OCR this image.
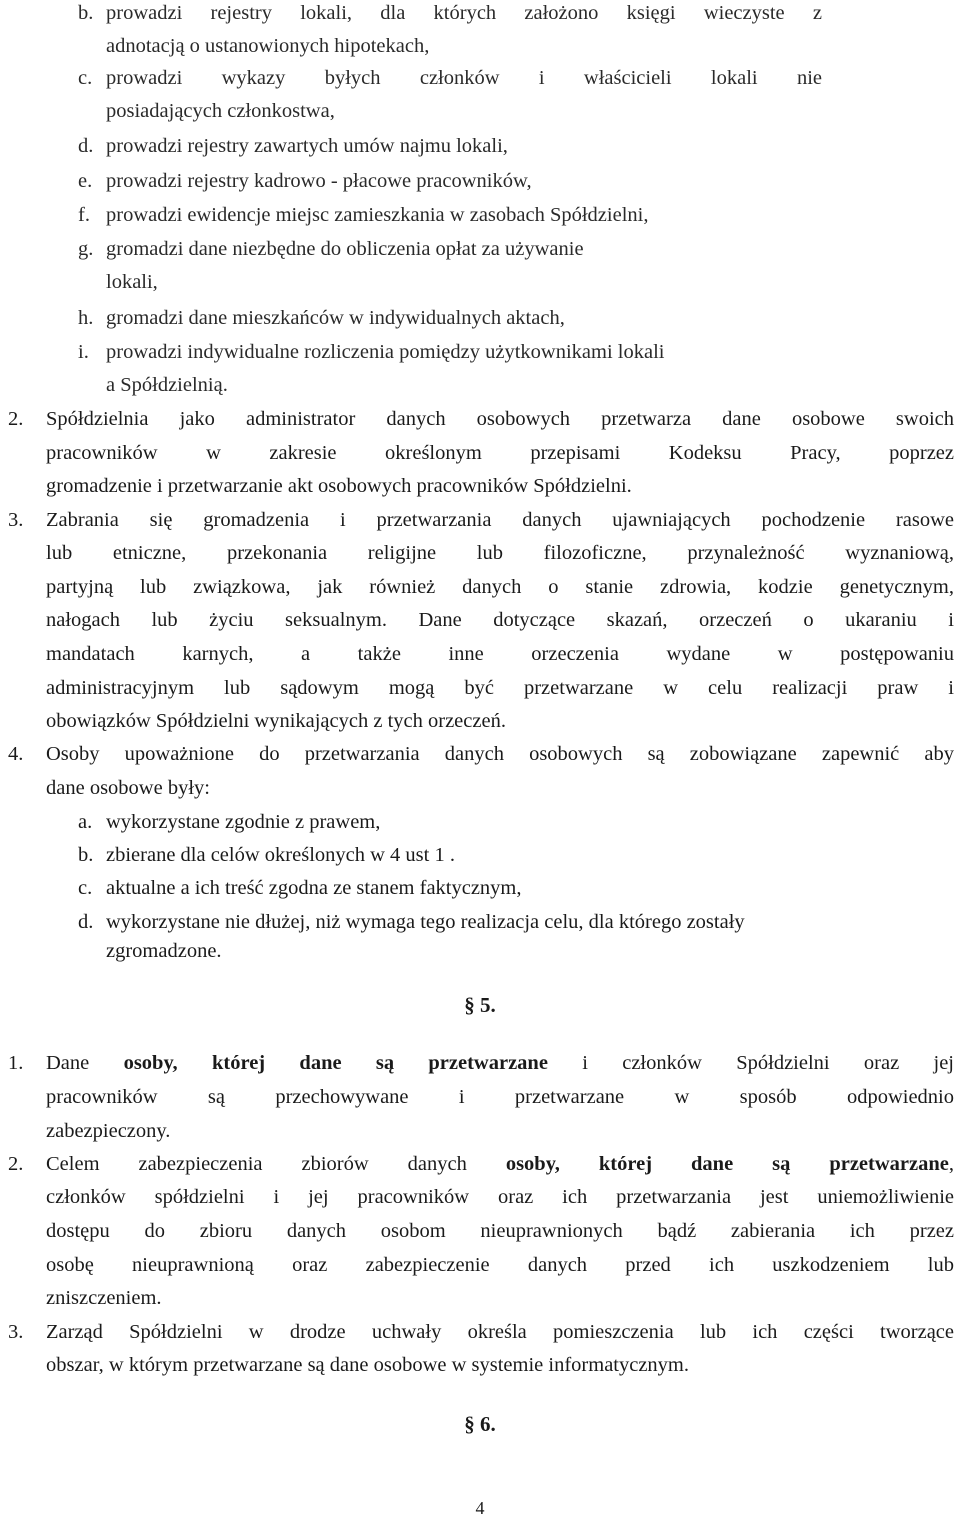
b. prowadzi rejestry lokali, dla których założono księgi wieczyste z
adnotacją o ustanowionych hipotekach,
c. prowadzi wykazy byłych członków i właścicieli lokali nie
posiadających członkostwa,
d. prowadzi rejestry zawartych umów najmu lokali,
e. prowadzi rejestry kadrowo - płacowe pracowników,
f. prowadzi ewidencje miejsc zamieszkania w zasobach Spółdzielni,
g. gromadzi dane niezbędne do obliczenia opłat za używanie
lokali,
h. gromadzi dane mieszkańców w indywidualnych aktach,
i. prowadzi indywidualne rozliczenia pomiędzy użytkownikami lokali
a Spółdzielnią.
2. Spółdzielnia jako administrator danych osobowych przetwarza dane osobowe swoich
pracowników w zakresie określonym przepisami Kodeksu Pracy, poprzez
gromadzenie i przetwarzanie akt osobowych pracowników Spółdzielni.
3. Zabrania się gromadzenia i przetwarzania danych ujawniających pochodzenie rasowe
lub etniczne, przekonania religijne lub filozoficzne, przynależność wyznaniową,
partyjną lub związkowa, jak również danych o stanie zdrowia, kodzie genetycznym,
nałogach lub życiu seksualnym. Dane dotyczące skazań, orzeczeń o ukaraniu i
mandatach karnych, a także inne orzeczenia wydane w postępowaniu
administracyjnym lub sądowym mogą być przetwarzane w celu realizacji praw i
obowiązków Spółdzielni wynikających z tych orzeczeń.
4. Osoby upoważnione do przetwarzania danych osobowych są zobowiązane zapewnić aby
dane osobowe były:
a. wykorzystane zgodnie z prawem,
b. zbierane dla celów określonych w 4 ust 1 .
c. aktualne a ich treść zgodna ze stanem faktycznym,
d. wykorzystane nie dłużej, niż wymaga tego realizacja celu, dla którego zostały
zgromadzone.
§ 5.
1. Dane osoby, której dane są przetwarzane i członków Spółdzielni oraz jej
pracowników są przechowywane i przetwarzane w sposób odpowiednio
zabezpieczony.
2. Celem zabezpieczenia zbiorów danych osoby, której dane są przetwarzane,
członków spółdzielni i jej pracowników oraz ich przetwarzania jest uniemożliwienie
dostępu do zbioru danych osobom nieuprawnionych bądź zabierania ich przez
osobę nieuprawnioną oraz zabezpieczenie danych przed ich uszkodzeniem lub
zniszczeniem.
3. Zarząd Spółdzielni w drodze uchwały określa pomieszczenia lub ich części tworzące
obszar, w którym przetwarzane są dane osobowe w systemie informatycznym.
§ 6.
4
